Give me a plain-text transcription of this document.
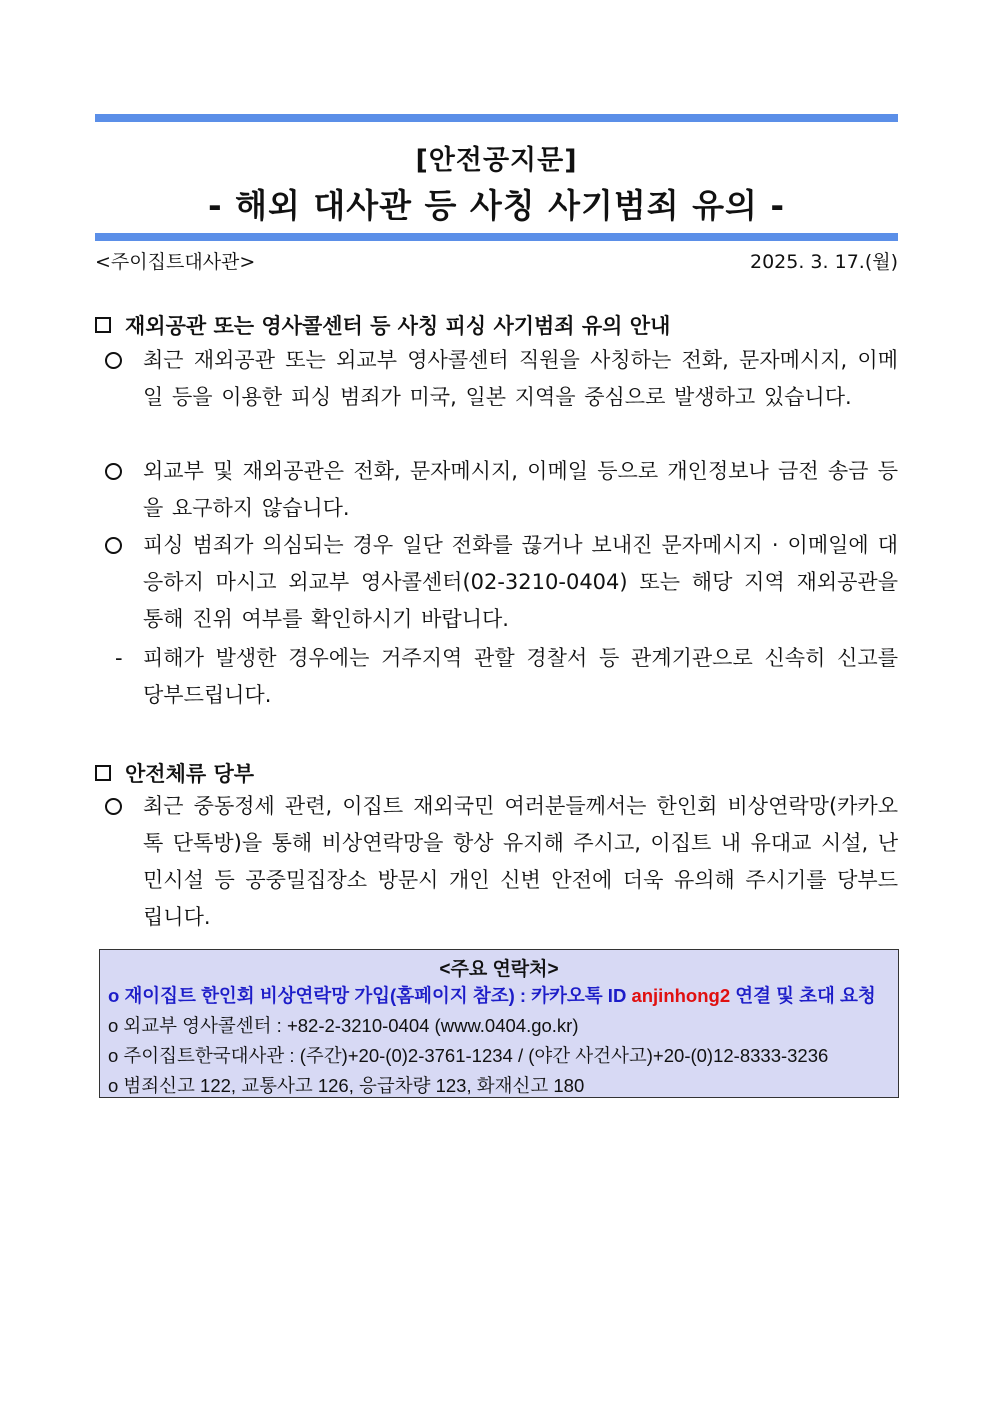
[안전공지문]
- 해외 대사관 등 사칭 사기범죄 유의 -
<주이집트대사관>	2025. 3. 17.(월)
재외공관 또는 영사콜센터 등 사칭 피싱 사기범죄 유의 안내
최근 재외공관 또는 외교부 영사콜센터 직원을 사칭하는 전화, 문자메시지, 이메일 등을 이용한 피싱 범죄가 미국, 일본 지역을 중심으로 발생하고 있습니다.
외교부 및 재외공관은 전화, 문자메시지, 이메일 등으로 개인정보나 금전 송금 등을 요구하지 않습니다.
피싱 범죄가 의심되는 경우 일단 전화를 끊거나 보내진 문자메시지 · 이메일에 대응하지 마시고 외교부 영사콜센터(02-3210-0404) 또는 해당 지역 재외공관을 통해 진위 여부를 확인하시기 바랍니다.
- 피해가 발생한 경우에는 거주지역 관할 경찰서 등 관계기관으로 신속히 신고를 당부드립니다.
안전체류 당부
최근 중동정세 관련, 이집트 재외국민 여러분들께서는 한인회 비상연락망(카카오톡 단톡방)을 통해 비상연락망을 항상 유지해 주시고, 이집트 내 유대교 시설, 난민시설 등 공중밀집장소 방문시 개인 신변 안전에 더욱 유의해 주시기를 당부드립니다.
<주요 연락처>
o 재이집트 한인회 비상연락망 가입(홈페이지 참조) : 카카오톡 ID anjinhong2 연결 및 초대 요청
o 외교부 영사콜센터 : +82-2-3210-0404 (www.0404.go.kr)
o 주이집트한국대사관 : (주간)+20-(0)2-3761-1234 / (야간 사건사고)+20-(0)12-8333-3236
o 범죄신고 122, 교통사고 126, 응급차량 123, 화재신고 180
